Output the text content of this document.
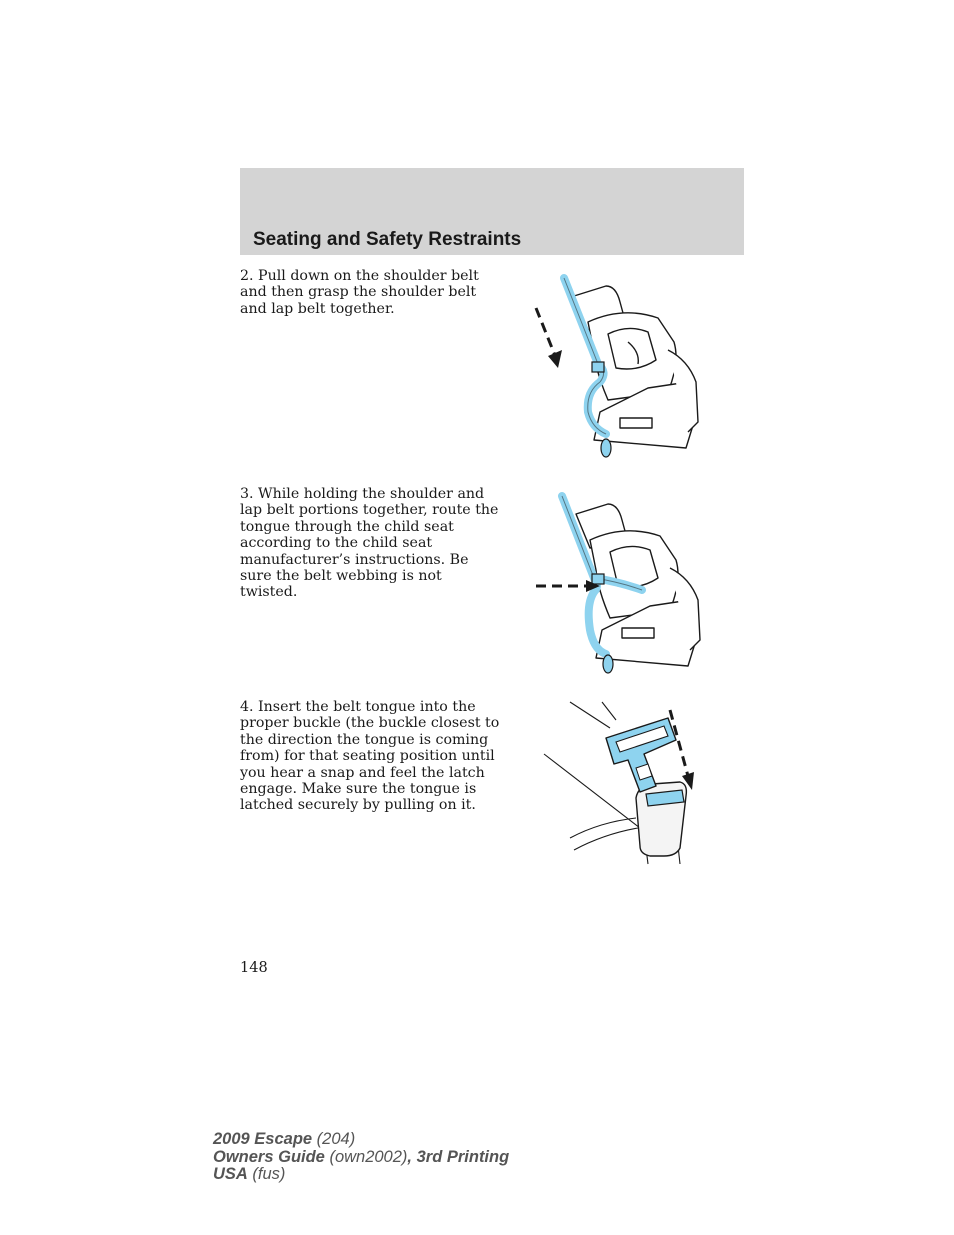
Seating and Safety Restraints
2. Pull down on the shoulder belt and then grasp the shoulder belt and lap belt together.
3. While holding the shoulder and lap belt portions together, route the tongue through the child seat according to the child seat manufacturer’s instructions. Be sure the belt webbing is not twisted.
4. Insert the belt tongue into the proper buckle (the buckle closest to the direction the tongue is coming from) for that seating position until you hear a snap and feel the latch engage. Make sure the tongue is latched securely by pulling on it.
148
2009 Escape (204)
Owners Guide (own2002), 3rd Printing
USA (fus)
